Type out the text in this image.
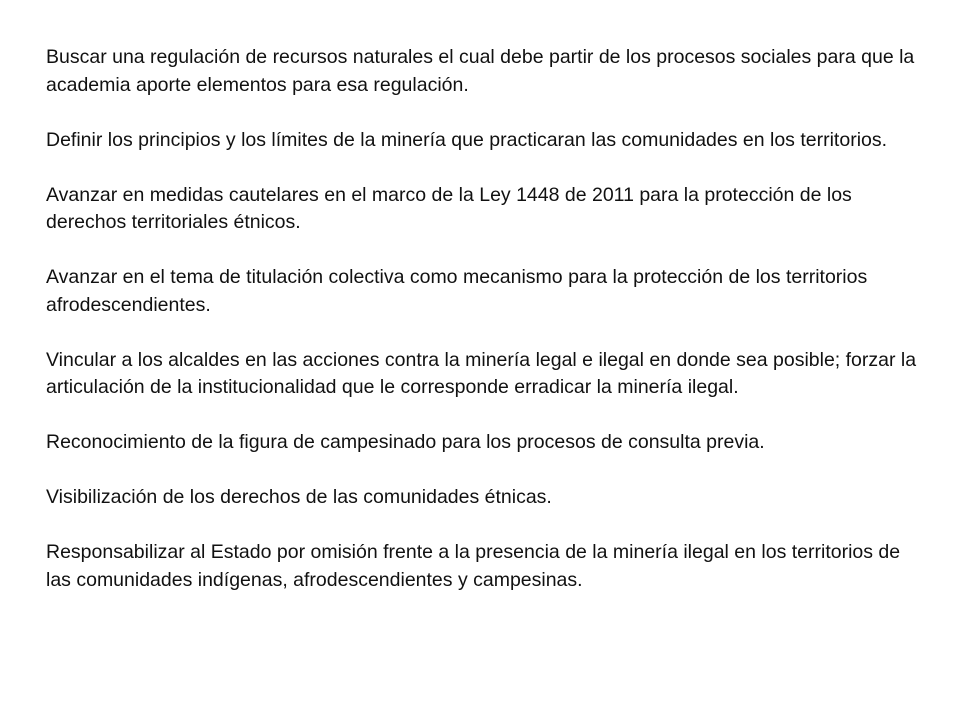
Buscar una regulación de recursos naturales el cual debe partir de los procesos sociales para que la academia aporte elementos para esa regulación.

Definir los principios y los límites de la minería que practicaran las comunidades en los territorios.

Avanzar en medidas cautelares en el marco de la Ley 1448 de 2011 para la protección de los derechos territoriales étnicos.

Avanzar en el tema de titulación colectiva como mecanismo para la protección de los territorios afrodescendientes.

Vincular a los alcaldes en las acciones contra la minería legal e ilegal en donde sea posible; forzar la articulación de la institucionalidad que le corresponde erradicar la minería ilegal.

Reconocimiento de la figura de campesinado para los procesos de consulta previa.

Visibilización de los derechos de las comunidades étnicas.

Responsabilizar al Estado por omisión frente a la presencia de la minería ilegal en los territorios de las comunidades indígenas, afrodescendientes y campesinas.
